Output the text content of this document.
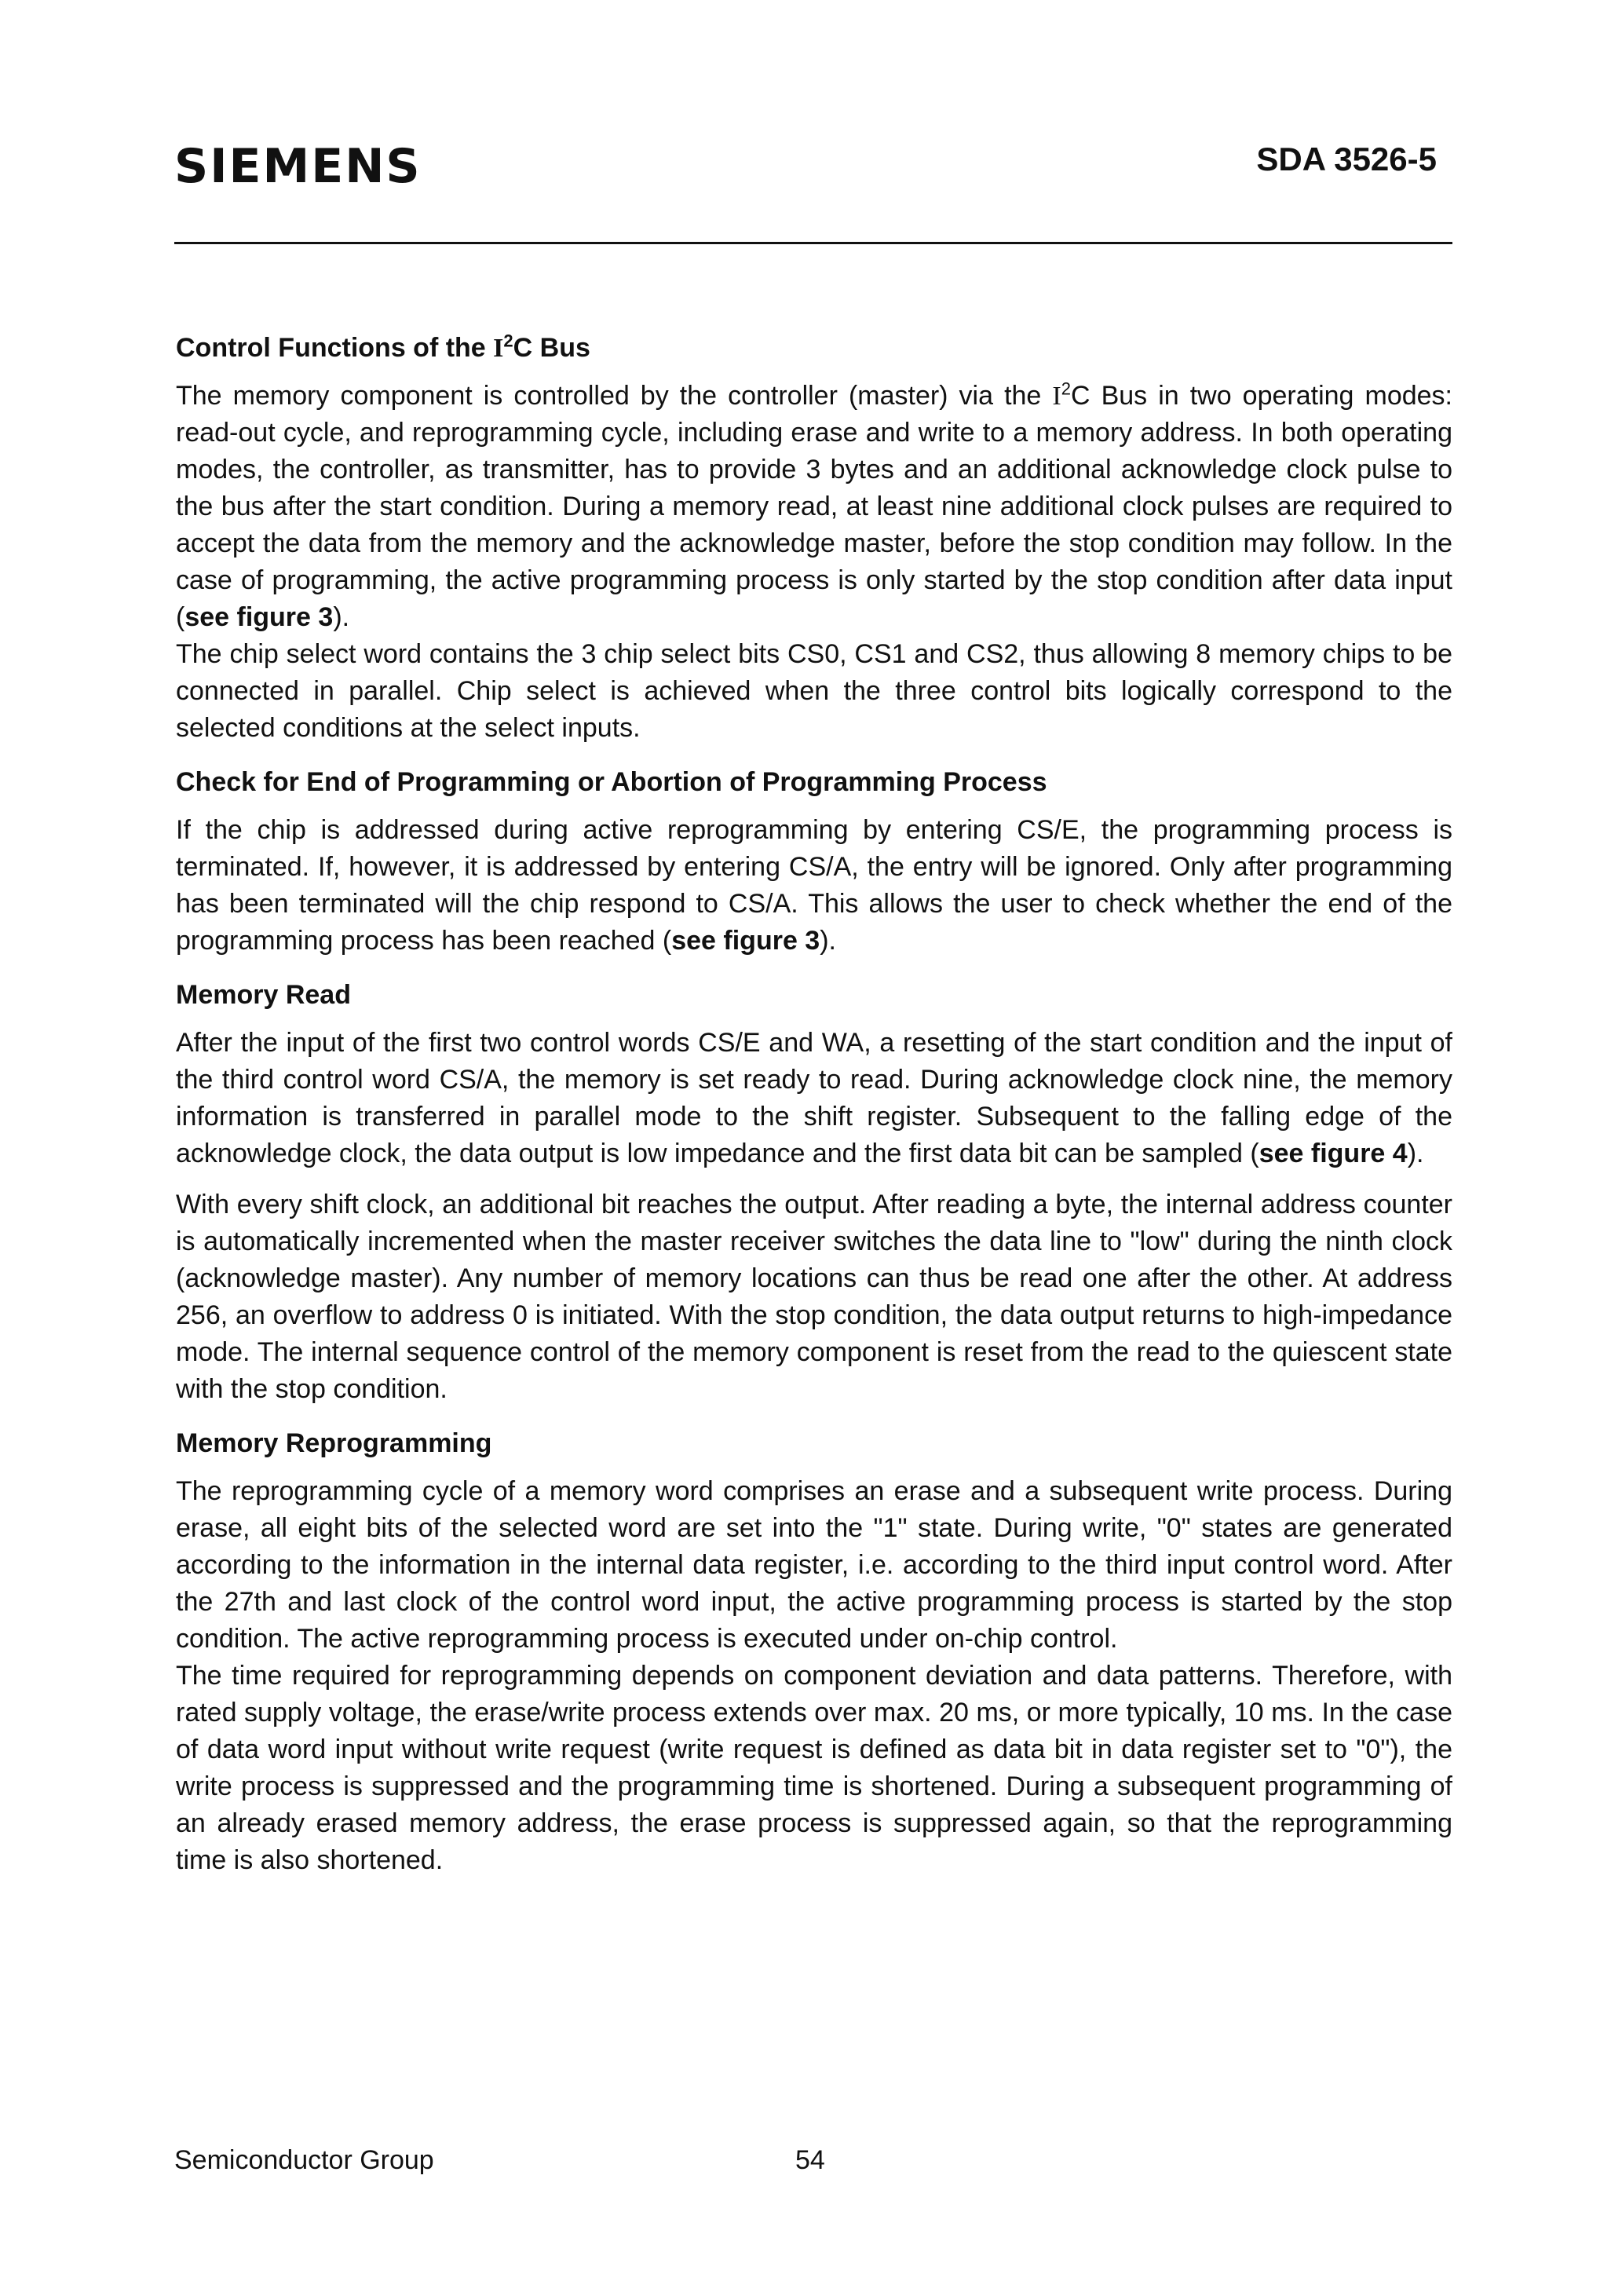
SIEMENS	SDA 3526-5
Control Functions of the $I^2C$ Bus

The memory component is controlled by the controller (master) via the $I^2C$ Bus in two operating modes: read-out cycle, and reprogramming cycle, including erase and write to a memory address. In both operating modes, the controller, as transmitter, has to provide 3 bytes and an additional acknowledge clock pulse to the bus after the start condition. During a memory read, at least nine additional clock pulses are required to accept the data from the memory and the acknowledge master, before the stop condition may follow. In the case of programming, the active programming process is only started by the stop condition after data input (see figure 3).

The chip select word contains the 3 chip select bits CS0, CS1 and CS2, thus allowing 8 memory chips to be connected in parallel. Chip select is achieved when the three control bits logically correspond to the selected conditions at the select inputs.

Check for End of Programming or Abortion of Programming Process

If the chip is addressed during active reprogramming by entering CS/E, the programming process is terminated. If, however, it is addressed by entering CS/A, the entry will be ignored. Only after programming has been terminated will the chip respond to CS/A. This allows the user to check whether the end of the programming process has been reached (see figure 3).

Memory Read

After the input of the first two control words CS/E and WA, a resetting of the start condition and the input of the third control word CS/A, the memory is set ready to read. During acknowledge clock nine, the memory information is transferred in parallel mode to the shift register. Subsequent to the falling edge of the acknowledge clock, the data output is low impedance and the first data bit can be sampled (see figure 4).

With every shift clock, an additional bit reaches the output. After reading a byte, the internal address counter is automatically incremented when the master receiver switches the data line to "low" during the ninth clock (acknowledge master). Any number of memory locations can thus be read one after the other. At address 256, an overflow to address 0 is initiated. With the stop condition, the data output returns to high-impedance mode. The internal sequence control of the memory component is reset from the read to the quiescent state with the stop condition.

Memory Reprogramming

The reprogramming cycle of a memory word comprises an erase and a subsequent write process. During erase, all eight bits of the selected word are set into the "1" state. During write, "0" states are generated according to the information in the internal data register, i.e. according to the third input control word. After the 27th and last clock of the control word input, the active programming process is started by the stop condition. The active reprogramming process is executed under on-chip control.

The time required for reprogramming depends on component deviation and data patterns. Therefore, with rated supply voltage, the erase/write process extends over max. 20 ms, or more typically, 10 ms. In the case of data word input without write request (write request is defined as data bit in data register set to "0"), the write process is suppressed and the programming time is shortened. During a subsequent programming of an already erased memory address, the erase process is suppressed again, so that the reprogramming time is also shortened.

Semiconductor Group	54
